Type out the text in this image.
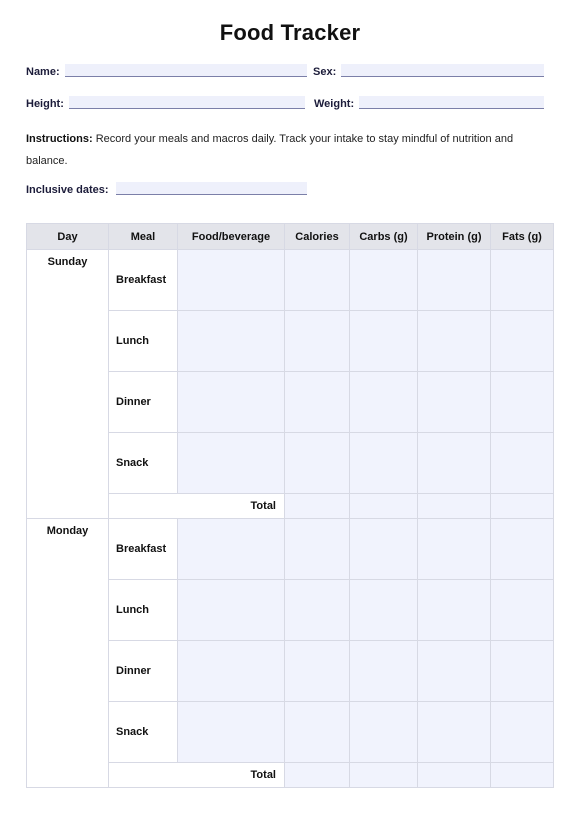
Food Tracker
Name:	Sex:
Height:	Weight:
Instructions: Record your meals and macros daily. Track your intake to stay mindful of nutrition and balance.
Inclusive dates:
Day	Meal	Food/beverage	Calories	Carbs (g)	Protein (g)	Fats (g)
Sunday	Breakfast					
	Lunch					
	Dinner					
	Snack					
	Total					
Monday	Breakfast					
	Lunch					
	Dinner					
	Snack					
	Total					
